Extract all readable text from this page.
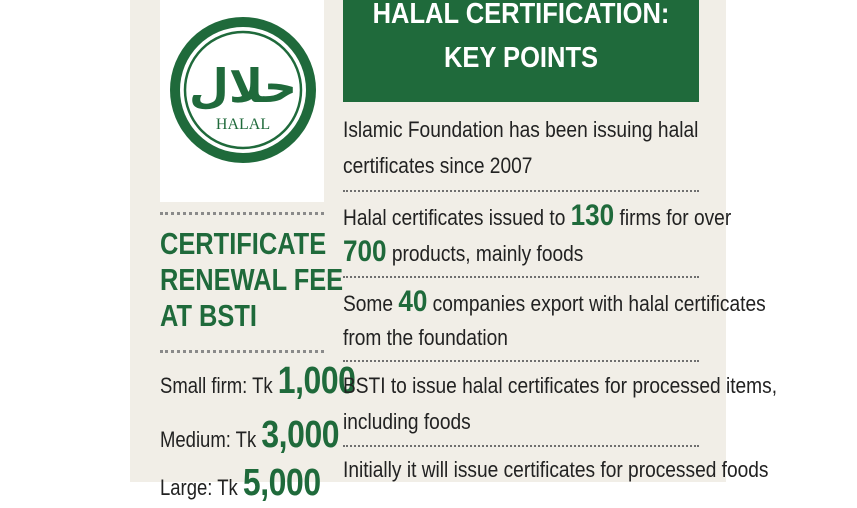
حلال
HALAL
CERTIFICATE
RENEWAL FEE
AT BSTI
Small firm: Tk 1,000
Medium: Tk 3,000
Large: Tk 5,000
HALAL CERTIFICATION:
KEY POINTS
Islamic Foundation has been issuing halal
certificates since 2007
Halal certificates issued to 130 firms for over
700 products, mainly foods
Some 40 companies export with halal certificates
from the foundation
BSTI to issue halal certificates for processed items,
including foods
Initially it will issue certificates for processed foods
